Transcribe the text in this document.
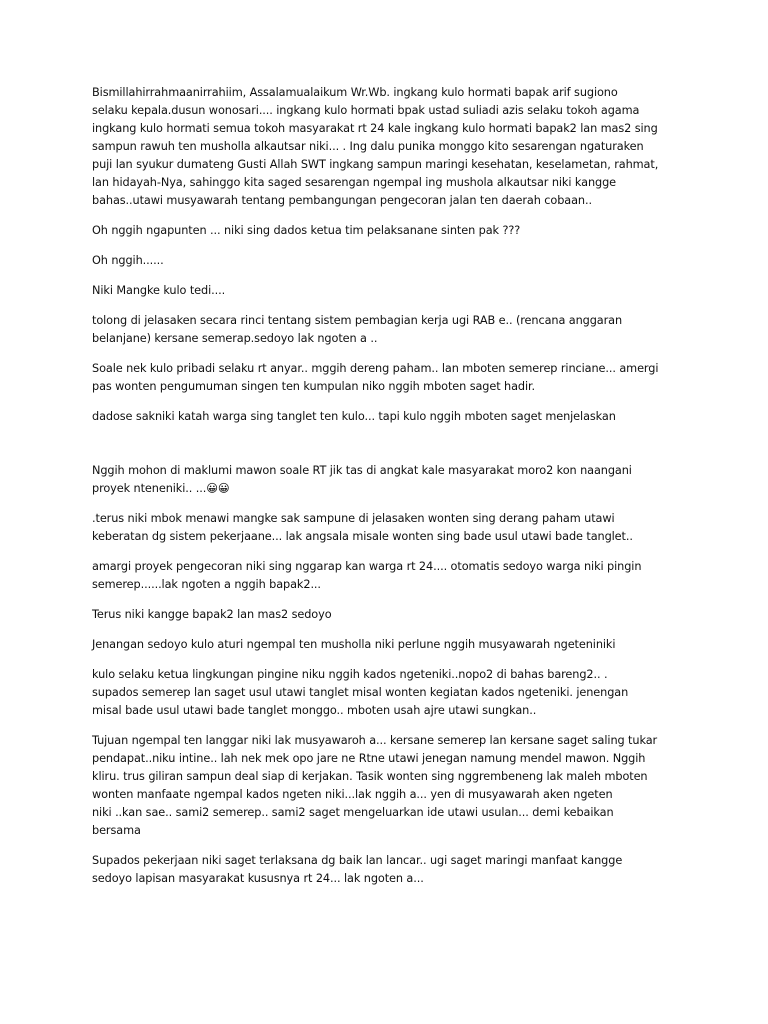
Bismillahirrahmaanirrahiim, Assalamualaikum Wr.Wb. ingkang kulo hormati bapak arif sugiono
selaku kepala.dusun wonosari.... ingkang kulo hormati bpak ustad suliadi azis selaku tokoh agama
ingkang kulo hormati semua tokoh masyarakat rt 24 kale ingkang kulo hormati bapak2 lan mas2 sing
sampun rawuh ten musholla alkautsar niki... . Ing dalu punika monggo kito sesarengan ngaturaken
puji lan syukur dumateng Gusti Allah SWT ingkang sampun maringi kesehatan, keselametan, rahmat,
lan hidayah-Nya, sahinggo kita saged sesarengan ngempal ing mushola alkautsar niki kangge
bahas..utawi musyawarah tentang pembangungan pengecoran jalan ten daerah cobaan..

Oh nggih ngapunten ... niki sing dados ketua tim pelaksanane sinten pak ???

Oh nggih......

Niki Mangke kulo tedi....

tolong di jelasaken secara rinci tentang sistem pembagian kerja ugi RAB e.. (rencana anggaran
belanjane) kersane semerap.sedoyo lak ngoten a ..

Soale nek kulo pribadi selaku rt anyar.. mggih dereng paham.. lan mboten semerep rinciane... amergi
pas wonten pengumuman singen ten kumpulan niko nggih mboten saget hadir.

dadose sakniki katah warga sing tanglet ten kulo... tapi kulo nggih mboten saget menjelaskan

Nggih mohon di maklumi mawon soale RT jik tas di angkat kale masyarakat moro2 kon naangani
proyek nteneniki.. ...😀😀

.terus niki mbok menawi mangke sak sampune di jelasaken wonten sing derang paham utawi
keberatan dg sistem pekerjaane... lak angsala misale wonten sing bade usul utawi bade tanglet..

amargi proyek pengecoran niki sing nggarap kan warga rt 24.... otomatis sedoyo warga niki pingin
semerep......lak ngoten a nggih bapak2...

Terus niki kangge bapak2 lan mas2 sedoyo

Jenangan sedoyo kulo aturi ngempal ten musholla niki perlune nggih musyawarah ngeteniniki

kulo selaku ketua lingkungan pingine niku nggih kados ngeteniki..nopo2 di bahas bareng2.. .
supados semerep lan saget usul utawi tanglet misal wonten kegiatan kados ngeteniki. jenengan
misal bade usul utawi bade tanglet monggo.. mboten usah ajre utawi sungkan..

Tujuan ngempal ten langgar niki lak musyawaroh a... kersane semerep lan kersane saget saling tukar
pendapat..niku intine.. lah nek mek opo jare ne Rtne utawi jenegan namung mendel mawon. Nggih
kliru. trus giliran sampun deal siap di kerjakan. Tasik wonten sing nggrembeneng lak maleh mboten
wonten manfaate ngempal kados ngeten niki...lak nggih a... yen di musyawarah aken ngeten
niki ..kan sae.. sami2 semerep.. sami2 saget mengeluarkan ide utawi usulan... demi kebaikan
bersama

Supados pekerjaan niki saget terlaksana dg baik lan lancar.. ugi saget maringi manfaat kangge
sedoyo lapisan masyarakat kususnya rt 24... lak ngoten a...
